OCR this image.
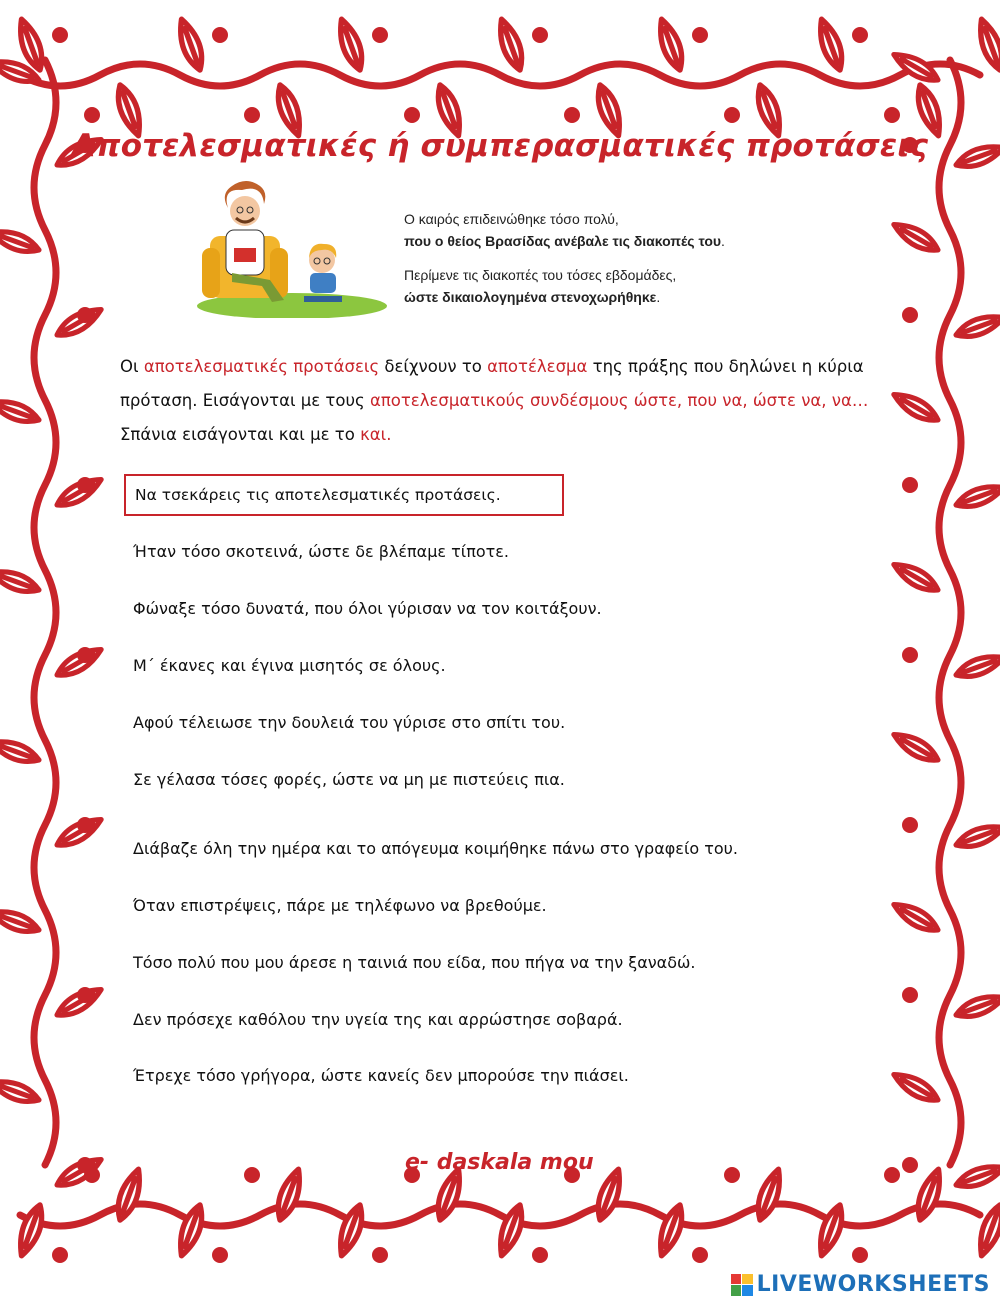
Αποτελεσματικές ή συμπερασματικές προτάσεις

Ο καιρός επιδεινώθηκε τόσο πολύ,
που ο θείος Βρασίδας ανέβαλε τις διακοπές του.

Περίμενε τις διακοπές του τόσες εβδομάδες,
ώστε δικαιολογημένα στενοχωρήθηκε.

Οι αποτελεσματικές προτάσεις δείχνουν το αποτέλεσμα της πράξης που δηλώνει η κύρια πρόταση. Εισάγονται με τους αποτελεσματικούς συνδέσμους ώστε, που να, ώστε να, να… Σπάνια εισάγονται και με το και.
Να τσεκάρεις τις αποτελεσματικές προτάσεις.
Ήταν τόσο σκοτεινά, ώστε δε βλέπαμε τίποτε.
Φώναξε τόσο δυνατά, που όλοι γύρισαν να τον κοιτάξουν.
Μ΄ έκανες και έγινα μισητός σε όλους.
Αφού τέλειωσε την δουλειά του γύρισε στο σπίτι του.
Σε γέλασα τόσες φορές, ώστε να μη με πιστεύεις πια.
Διάβαζε όλη την ημέρα και το απόγευμα κοιμήθηκε πάνω στο γραφείο του.
Όταν επιστρέψεις, πάρε με τηλέφωνο να βρεθούμε.
Τόσο πολύ που μου άρεσε η ταινιά που είδα, που πήγα να την ξαναδώ.
Δεν πρόσεχε καθόλου την υγεία της και αρρώστησε σοβαρά.
Έτρεχε τόσο γρήγορα, ώστε κανείς δεν μπορούσε την πιάσει.
e- daskala mou
LIVEWORKSHEETS
